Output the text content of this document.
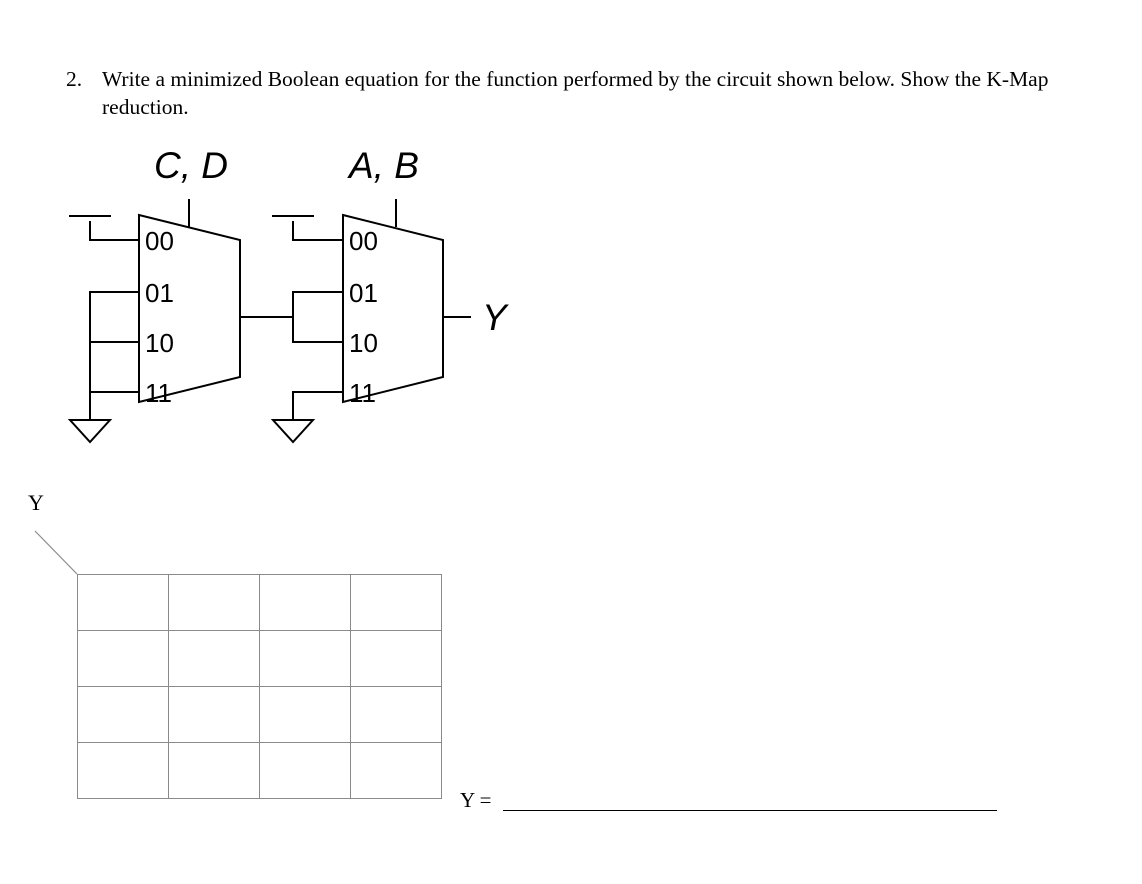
2. Write a minimized Boolean equation for the function performed by the circuit shown below. Show the K-Map reduction.
C, D	A, B
Y
00
01
10
11
00
01
10
11
Y

Y =
